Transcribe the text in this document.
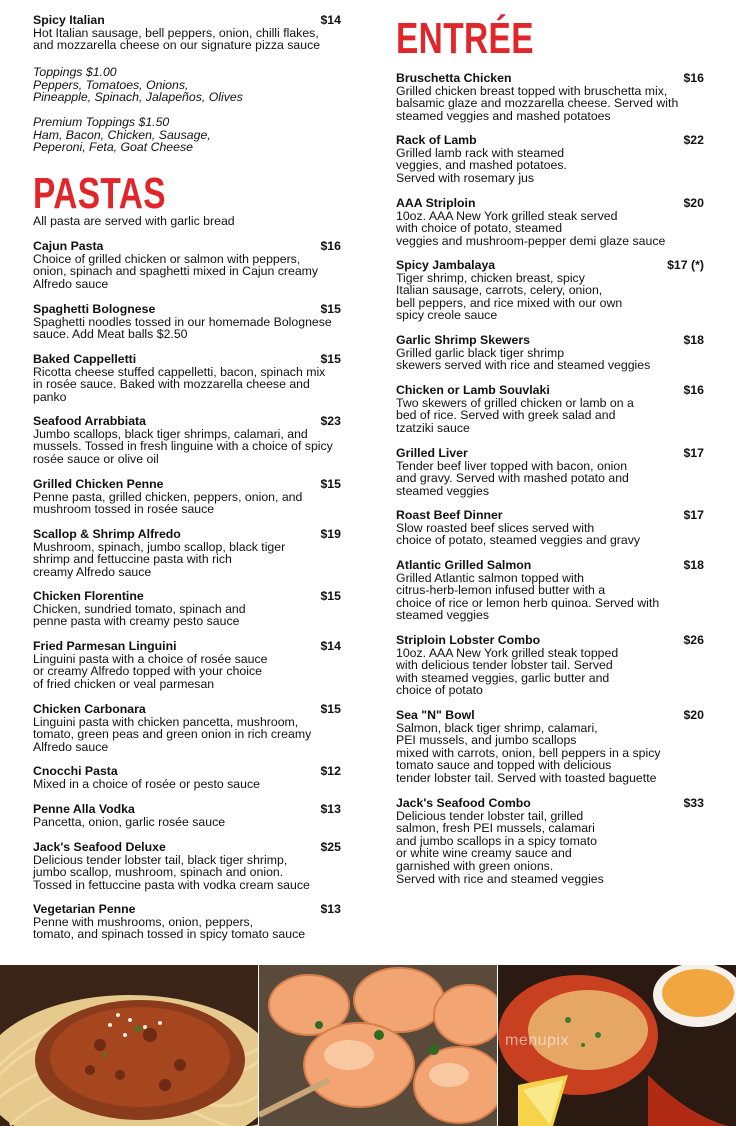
Spicy Italian	$14
Hot Italian sausage, bell peppers, onion, chilli flakes,
and mozzarella cheese on our signature pizza sauce
Toppings $1.00
Peppers, Tomatoes, Onions,
Pineapple, Spinach, Jalapeños, Olives
Premium Toppings $1.50
Ham, Bacon, Chicken, Sausage,
Peperoni, Feta, Goat Cheese
PASTAS
All pasta are served with garlic bread
Cajun Pasta	$16
Choice of grilled chicken or salmon with peppers,
onion, spinach and spaghetti mixed in Cajun creamy
Alfredo sauce
Spaghetti Bolognese	$15
Spaghetti noodles tossed in our homemade Bolognese
sauce. Add Meat balls $2.50
Baked Cappelletti	$15
Ricotta cheese stuffed cappelletti, bacon, spinach mix
in rosée sauce. Baked with mozzarella cheese and
panko
Seafood Arrabbiata	$23
Jumbo scallops, black tiger shrimps, calamari, and
mussels. Tossed in fresh linguine with a choice of spicy
rosée sauce or olive oil
Grilled Chicken Penne	$15
Penne pasta, grilled chicken, peppers, onion, and
mushroom tossed in rosée sauce
Scallop & Shrimp Alfredo	$19
Mushroom, spinach, jumbo scallop, black tiger
shrimp and fettuccine pasta with rich
creamy Alfredo sauce
Chicken Florentine	$15
Chicken, sundried tomato, spinach and
penne pasta with creamy pesto sauce
Fried Parmesan Linguini	$14
Linguini pasta with a choice of rosée sauce
or creamy Alfredo topped with your choice
of fried chicken or veal parmesan
Chicken Carbonara	$15
Linguini pasta with chicken pancetta, mushroom,
tomato, green peas and green onion in rich creamy
Alfredo sauce
Cnocchi Pasta	$12
Mixed in a choice of rosée or pesto sauce
Penne Alla Vodka	$13
Pancetta, onion, garlic rosée sauce
Jack's Seafood Deluxe	$25
Delicious tender lobster tail, black tiger shrimp,
jumbo scallop, mushroom, spinach and onion.
Tossed in fettuccine pasta with vodka cream sauce
Vegetarian Penne	$13
Penne with mushrooms, onion, peppers,
tomato, and spinach tossed in spicy tomato sauce
ENTRÉE
Bruschetta Chicken	$16
Grilled chicken breast topped with bruschetta mix,
balsamic glaze and mozzarella cheese. Served with
steamed veggies and mashed potatoes
Rack of Lamb	$22
Grilled lamb rack with steamed
veggies, and mashed potatoes.
Served with rosemary jus
AAA Striploin	$20
10oz. AAA New York grilled steak served
with choice of potato, steamed
veggies and mushroom-pepper demi glaze sauce
Spicy Jambalaya	$17 (*)
Tiger shrimp, chicken breast, spicy
Italian sausage, carrots, celery, onion,
bell peppers, and rice mixed with our own
spicy creole sauce
Garlic Shrimp Skewers	$18
Grilled garlic black tiger shrimp
skewers served with rice and steamed veggies
Chicken or Lamb Souvlaki	$16
Two skewers of grilled chicken or lamb on a
bed of rice. Served with greek salad and
tzatziki sauce
Grilled Liver	$17
Tender beef liver topped with bacon, onion
and gravy. Served with mashed potato and
steamed veggies
Roast Beef Dinner	$17
Slow roasted beef slices served with
choice of potato, steamed veggies and gravy
Atlantic Grilled Salmon	$18
Grilled Atlantic salmon topped with
citrus-herb-lemon infused butter with a
choice of rice or lemon herb quinoa. Served with
steamed veggies
Striploin Lobster Combo	$26
10oz. AAA New York grilled steak topped
with delicious tender lobster tail. Served
with steamed veggies, garlic butter and
choice of potato
Sea "N" Bowl	$20
Salmon, black tiger shrimp, calamari,
PEI mussels, and jumbo scallops
mixed with carrots, onion, bell peppers in a spicy
tomato sauce and topped with delicious
tender lobster tail. Served with toasted baguette
Jack's Seafood Combo	$33
Delicious tender lobster tail, grilled
salmon, fresh PEI mussels, calamari
and jumbo scallops in a spicy tomato
or white wine creamy sauce and
garnished with green onions.
Served with rice and steamed veggies
menupix
